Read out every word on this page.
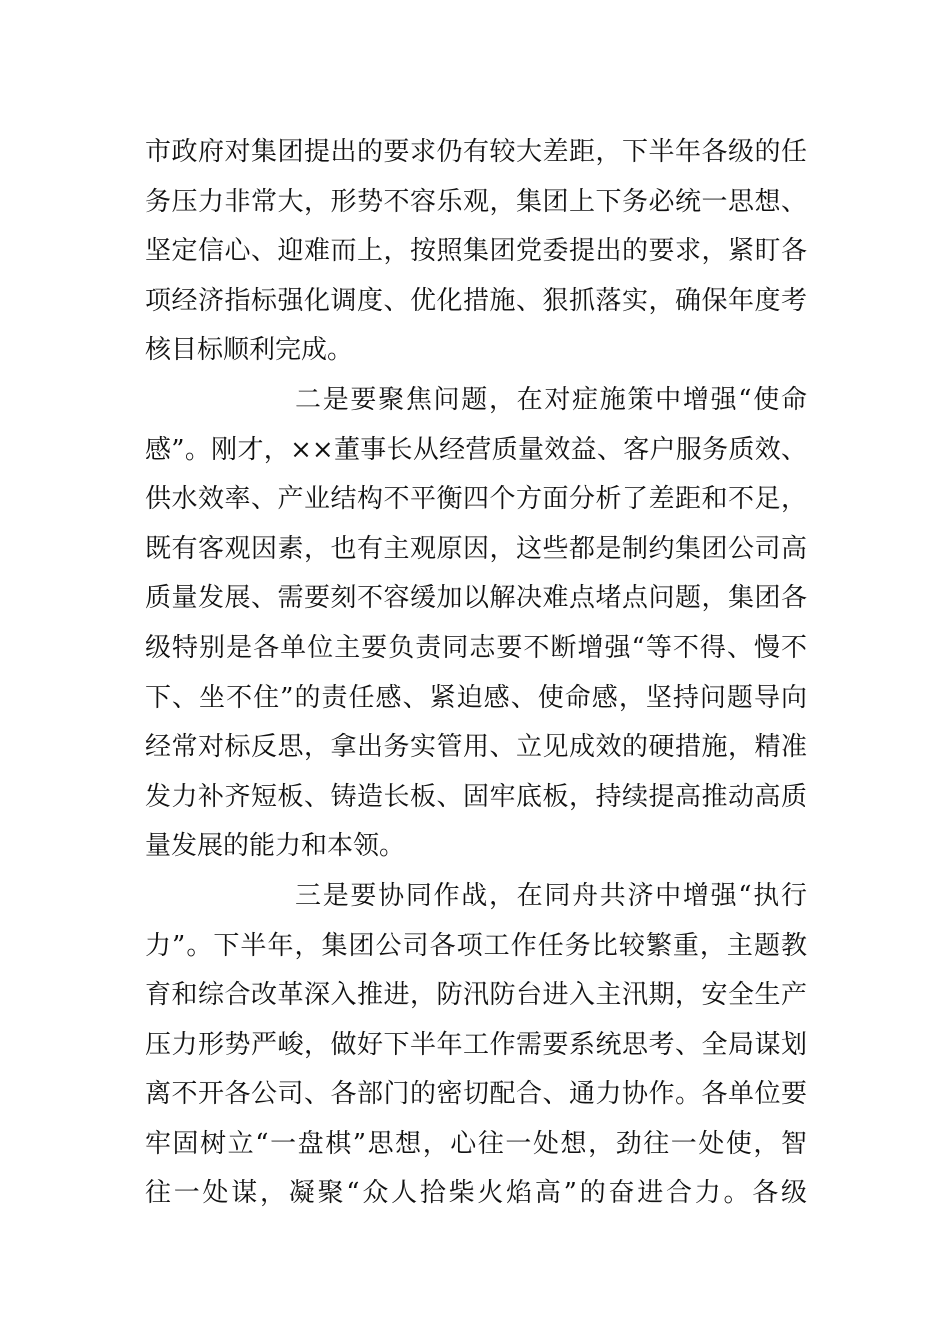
市政府对集团提出的要求仍有较大差距，下半年各级的任
务压力非常大，形势不容乐观，集团上下务必统一思想、
坚定信心、迎难而上，按照集团党委提出的要求，紧盯各
项经济指标强化调度、优化措施、狠抓落实，确保年度考
核目标顺利完成。
二是要聚焦问题，在对症施策中增强“使命
感”。刚才，××董事长从经营质量效益、客户服务质效、
供水效率、产业结构不平衡四个方面分析了差距和不足，
既有客观因素，也有主观原因，这些都是制约集团公司高
质量发展、需要刻不容缓加以解决难点堵点问题，集团各
级特别是各单位主要负责同志要不断增强“等不得、慢不
下、坐不住”的责任感、紧迫感、使命感，坚持问题导向
经常对标反思，拿出务实管用、立见成效的硬措施，精准
发力补齐短板、铸造长板、固牢底板，持续提高推动高质
量发展的能力和本领。
三是要协同作战，在同舟共济中增强“执行
力”。下半年，集团公司各项工作任务比较繁重，主题教
育和综合改革深入推进，防汛防台进入主汛期，安全生产
压力形势严峻，做好下半年工作需要系统思考、全局谋划
离不开各公司、各部门的密切配合、通力协作。各单位要
牢固树立“一盘棋”思想，心往一处想，劲往一处使，智
往一处谋，凝聚“众人拾柴火焰高”的奋进合力。各级
